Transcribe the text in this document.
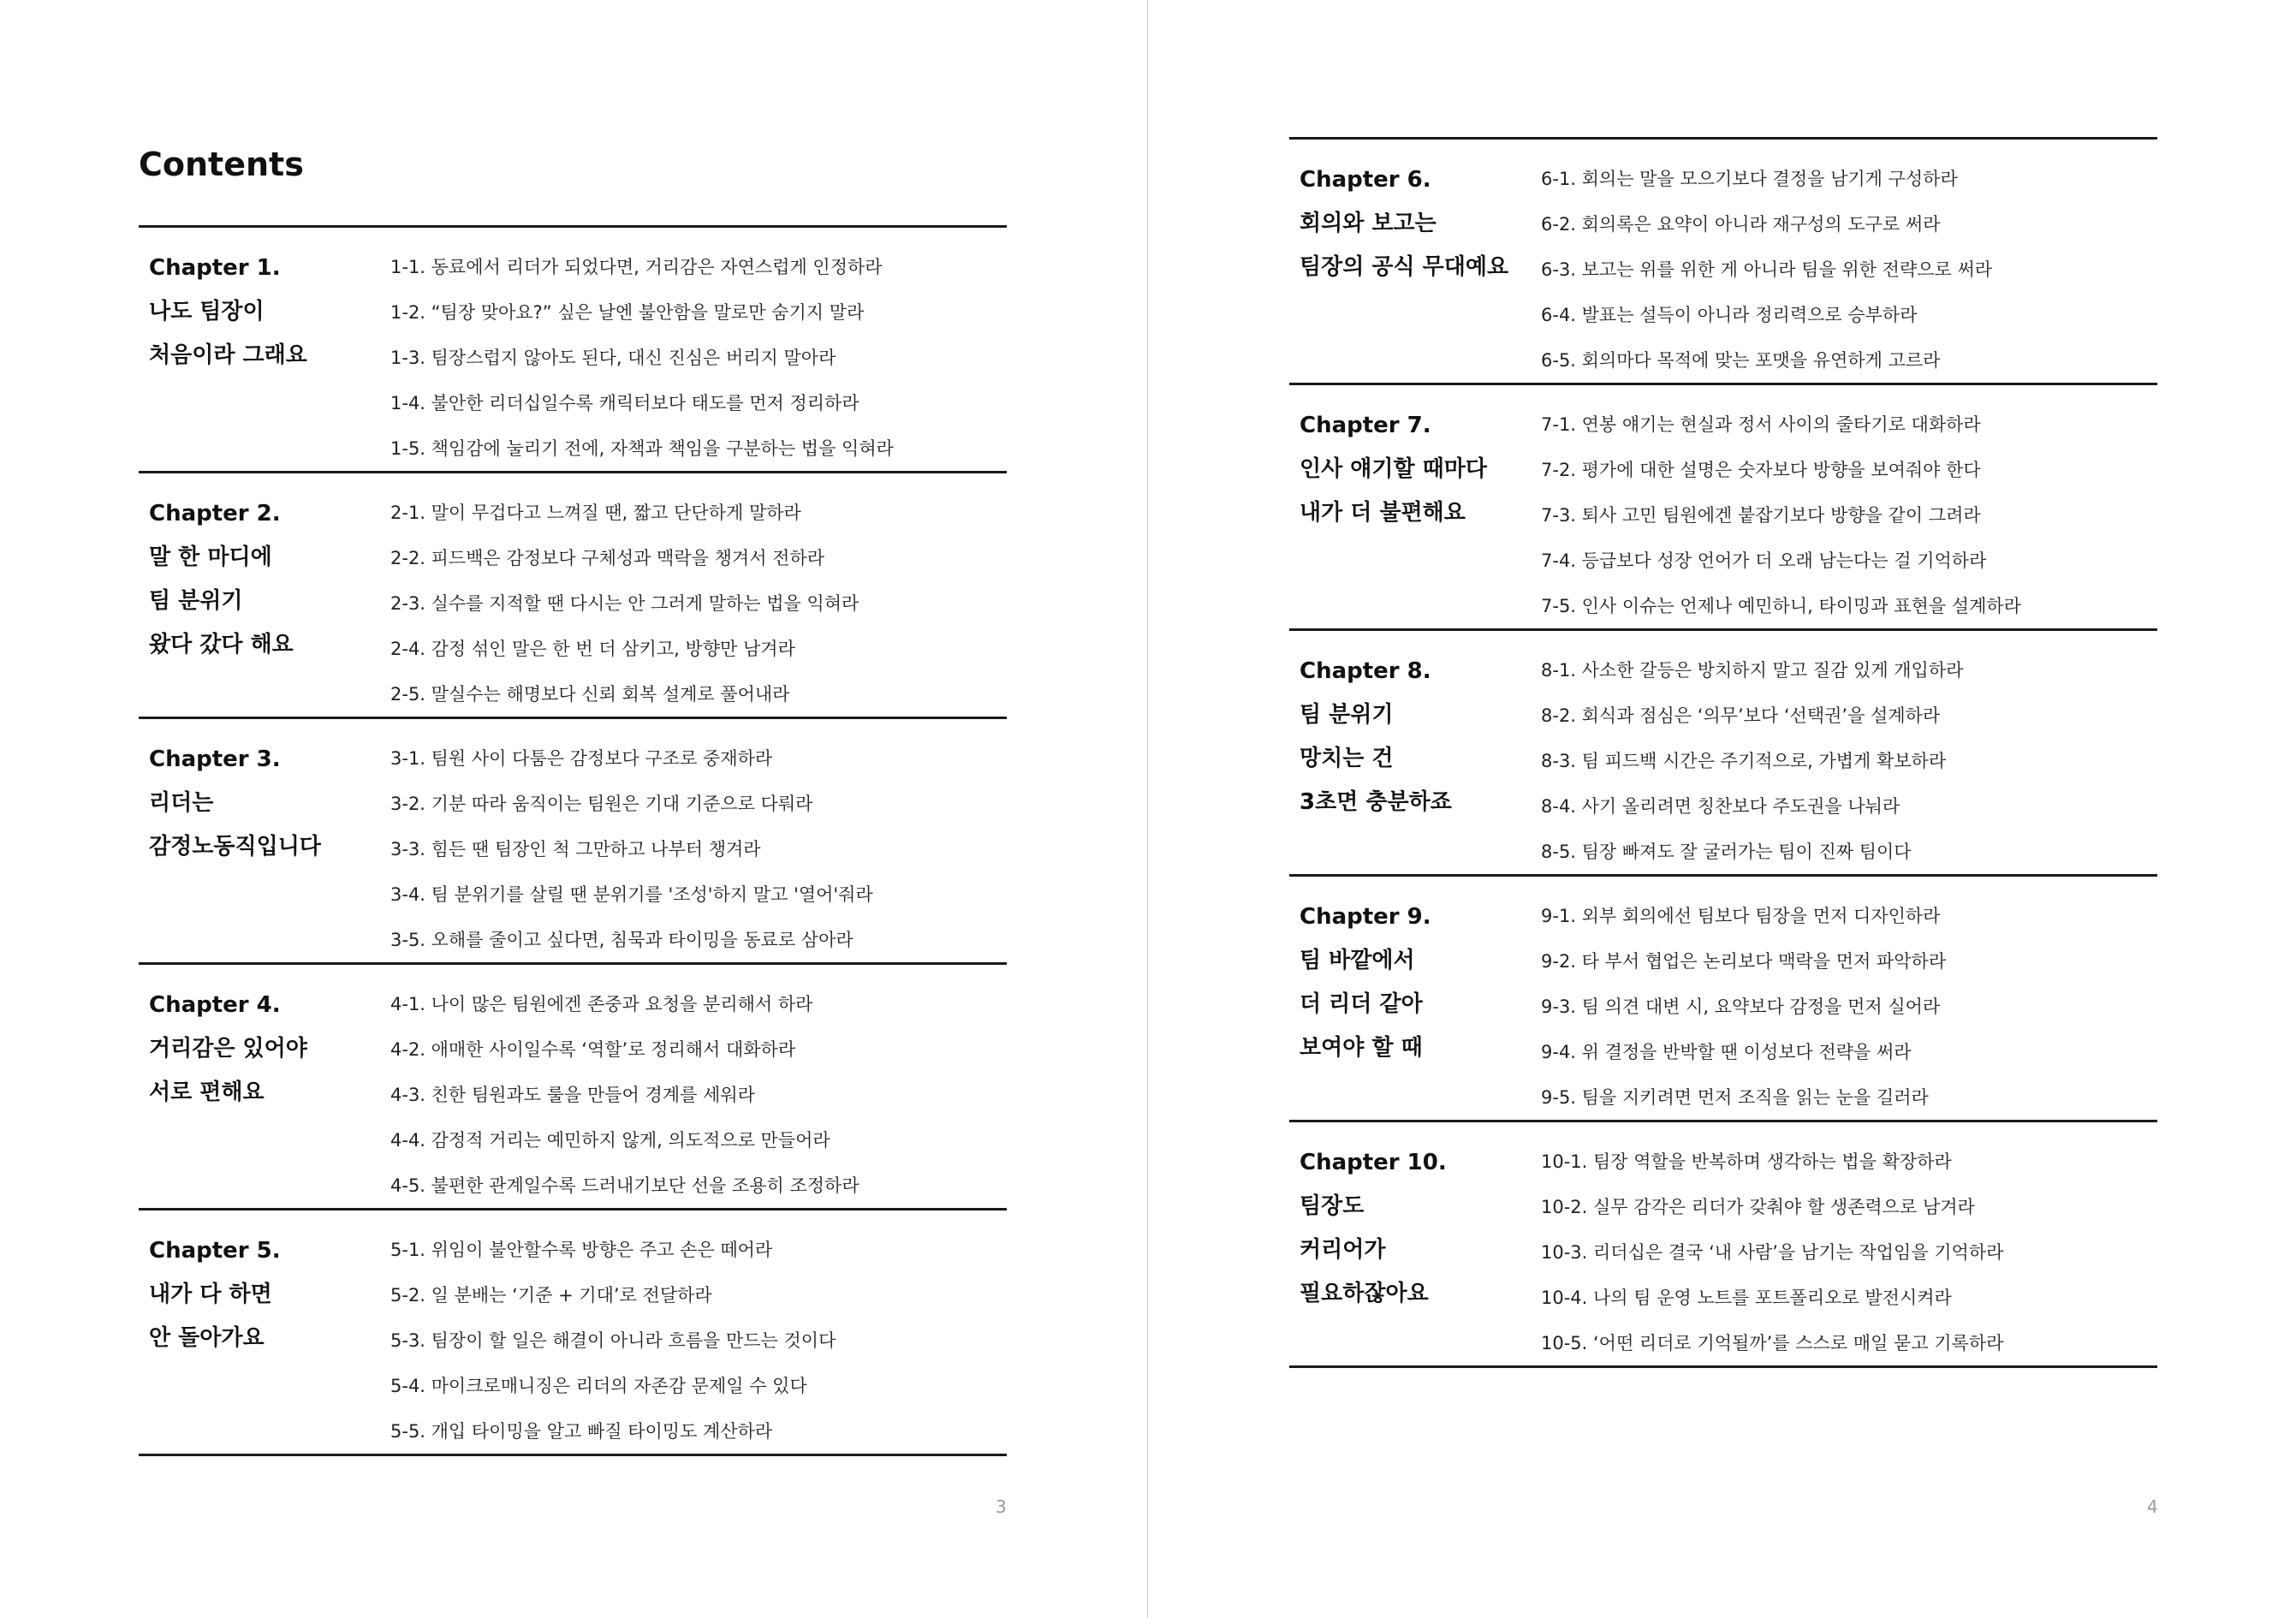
Contents
Chapter 1.
나도 팀장이
처음이라 그래요
1-1. 동료에서 리더가 되었다면, 거리감은 자연스럽게 인정하라
1-2. “팀장 맞아요?” 싶은 날엔 불안함을 말로만 숨기지 말라
1-3. 팀장스럽지 않아도 된다, 대신 진심은 버리지 말아라
1-4. 불안한 리더십일수록 캐릭터보다 태도를 먼저 정리하라
1-5. 책임감에 눌리기 전에, 자책과 책임을 구분하는 법을 익혀라
Chapter 2.
말 한 마디에
팀 분위기
왔다 갔다 해요
2-1. 말이 무겁다고 느껴질 땐, 짧고 단단하게 말하라
2-2. 피드백은 감정보다 구체성과 맥락을 챙겨서 전하라
2-3. 실수를 지적할 땐 다시는 안 그러게 말하는 법을 익혀라
2-4. 감정 섞인 말은 한 번 더 삼키고, 방향만 남겨라
2-5. 말실수는 해명보다 신뢰 회복 설계로 풀어내라
Chapter 3.
리더는
감정노동직입니다
3-1. 팀원 사이 다툼은 감정보다 구조로 중재하라
3-2. 기분 따라 움직이는 팀원은 기대 기준으로 다뤄라
3-3. 힘든 땐 팀장인 척 그만하고 나부터 챙겨라
3-4. 팀 분위기를 살릴 땐 분위기를 '조성'하지 말고 '열어'줘라
3-5. 오해를 줄이고 싶다면, 침묵과 타이밍을 동료로 삼아라
Chapter 4.
거리감은 있어야
서로 편해요
4-1. 나이 많은 팀원에겐 존중과 요청을 분리해서 하라
4-2. 애매한 사이일수록 ‘역할’로 정리해서 대화하라
4-3. 친한 팀원과도 룰을 만들어 경계를 세워라
4-4. 감정적 거리는 예민하지 않게, 의도적으로 만들어라
4-5. 불편한 관계일수록 드러내기보단 선을 조용히 조정하라
Chapter 5.
내가 다 하면
안 돌아가요
5-1. 위임이 불안할수록 방향은 주고 손은 떼어라
5-2. 일 분배는 ‘기준 + 기대’로 전달하라
5-3. 팀장이 할 일은 해결이 아니라 흐름을 만드는 것이다
5-4. 마이크로매니징은 리더의 자존감 문제일 수 있다
5-5. 개입 타이밍을 알고 빠질 타이밍도 계산하라
3
Chapter 6.
회의와 보고는
팀장의 공식 무대예요
6-1. 회의는 말을 모으기보다 결정을 남기게 구성하라
6-2. 회의록은 요약이 아니라 재구성의 도구로 써라
6-3. 보고는 위를 위한 게 아니라 팀을 위한 전략으로 써라
6-4. 발표는 설득이 아니라 정리력으로 승부하라
6-5. 회의마다 목적에 맞는 포맷을 유연하게 고르라
Chapter 7.
인사 얘기할 때마다
내가 더 불편해요
7-1. 연봉 얘기는 현실과 정서 사이의 줄타기로 대화하라
7-2. 평가에 대한 설명은 숫자보다 방향을 보여줘야 한다
7-3. 퇴사 고민 팀원에겐 붙잡기보다 방향을 같이 그려라
7-4. 등급보다 성장 언어가 더 오래 남는다는 걸 기억하라
7-5. 인사 이슈는 언제나 예민하니, 타이밍과 표현을 설계하라
Chapter 8.
팀 분위기
망치는 건
3초면 충분하죠
8-1. 사소한 갈등은 방치하지 말고 질감 있게 개입하라
8-2. 회식과 점심은 ‘의무’보다 ‘선택권’을 설계하라
8-3. 팀 피드백 시간은 주기적으로, 가볍게 확보하라
8-4. 사기 올리려면 칭찬보다 주도권을 나눠라
8-5. 팀장 빠져도 잘 굴러가는 팀이 진짜 팀이다
Chapter 9.
팀 바깥에서
더 리더 같아
보여야 할 때
9-1. 외부 회의에선 팀보다 팀장을 먼저 디자인하라
9-2. 타 부서 협업은 논리보다 맥락을 먼저 파악하라
9-3. 팀 의견 대변 시, 요약보다 감정을 먼저 실어라
9-4. 위 결정을 반박할 땐 이성보다 전략을 써라
9-5. 팀을 지키려면 먼저 조직을 읽는 눈을 길러라
Chapter 10.
팀장도
커리어가
필요하잖아요
10-1. 팀장 역할을 반복하며 생각하는 법을 확장하라
10-2. 실무 감각은 리더가 갖춰야 할 생존력으로 남겨라
10-3. 리더십은 결국 ‘내 사람’을 남기는 작업임을 기억하라
10-4. 나의 팀 운영 노트를 포트폴리오로 발전시켜라
10-5. ‘어떤 리더로 기억될까’를 스스로 매일 묻고 기록하라
4
